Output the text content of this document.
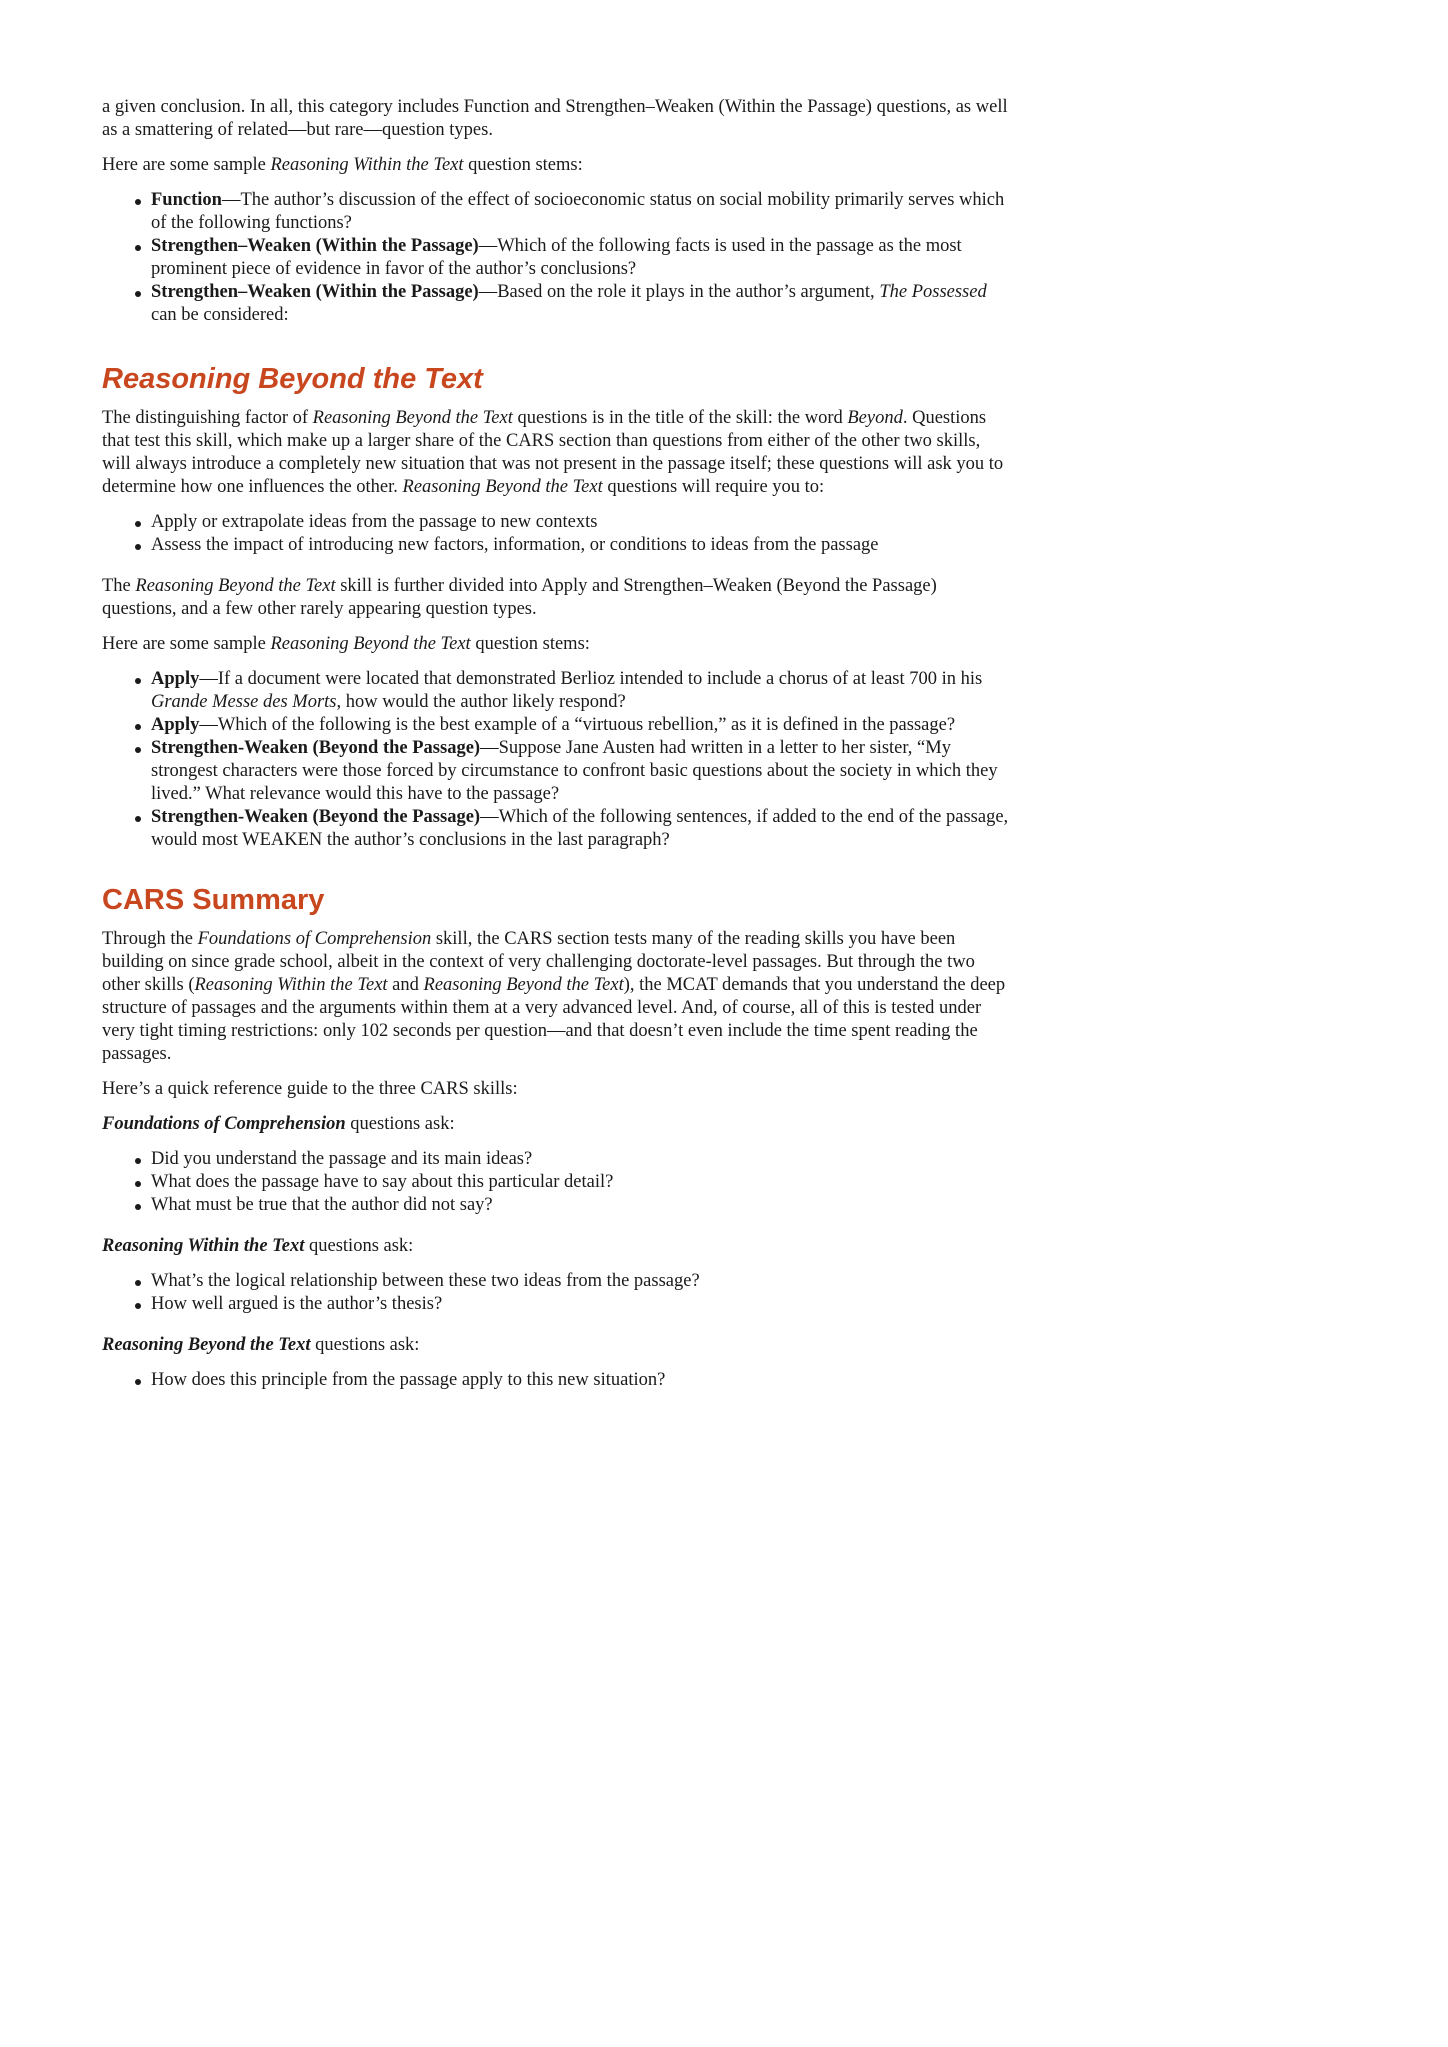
a given conclusion. In all, this category includes Function and Strengthen–Weaken (Within the Passage) questions, as well as a smattering of related—but rare—question types.

Here are some sample Reasoning Within the Text question stems:

Function—The author’s discussion of the effect of socioeconomic status on social mobility primarily serves which of the following functions?
Strengthen–Weaken (Within the Passage)—Which of the following facts is used in the passage as the most prominent piece of evidence in favor of the author’s conclusions?
Strengthen–Weaken (Within the Passage)—Based on the role it plays in the author’s argument, The Possessed can be considered:
Reasoning Beyond the Text

The distinguishing factor of Reasoning Beyond the Text questions is in the title of the skill: the word Beyond. Questions that test this skill, which make up a larger share of the CARS section than questions from either of the other two skills, will always introduce a completely new situation that was not present in the passage itself; these questions will ask you to determine how one influences the other. Reasoning Beyond the Text questions will require you to:

Apply or extrapolate ideas from the passage to new contexts
Assess the impact of introducing new factors, information, or conditions to ideas from the passage

The Reasoning Beyond the Text skill is further divided into Apply and Strengthen–Weaken (Beyond the Passage) questions, and a few other rarely appearing question types.

Here are some sample Reasoning Beyond the Text question stems:

Apply—If a document were located that demonstrated Berlioz intended to include a chorus of at least 700 in his Grande Messe des Morts, how would the author likely respond?
Apply—Which of the following is the best example of a “virtuous rebellion,” as it is defined in the passage?
Strengthen-Weaken (Beyond the Passage)—Suppose Jane Austen had written in a letter to her sister, “My strongest characters were those forced by circumstance to confront basic questions about the society in which they lived.” What relevance would this have to the passage?
Strengthen-Weaken (Beyond the Passage)—Which of the following sentences, if added to the end of the passage, would most WEAKEN the author’s conclusions in the last paragraph?
CARS Summary

Through the Foundations of Comprehension skill, the CARS section tests many of the reading skills you have been building on since grade school, albeit in the context of very challenging doctorate-level passages. But through the two other skills (Reasoning Within the Text and Reasoning Beyond the Text), the MCAT demands that you understand the deep structure of passages and the arguments within them at a very advanced level. And, of course, all of this is tested under very tight timing restrictions: only 102 seconds per question—and that doesn’t even include the time spent reading the passages.

Here’s a quick reference guide to the three CARS skills:

Foundations of Comprehension questions ask:

Did you understand the passage and its main ideas?
What does the passage have to say about this particular detail?
What must be true that the author did not say?

Reasoning Within the Text questions ask:

What’s the logical relationship between these two ideas from the passage?
How well argued is the author’s thesis?

Reasoning Beyond the Text questions ask:

How does this principle from the passage apply to this new situation?
